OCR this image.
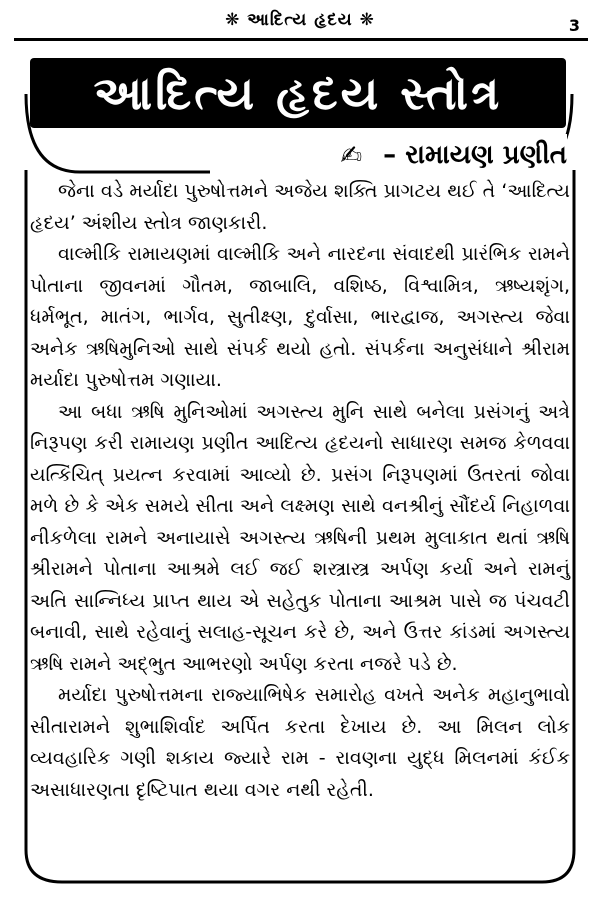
❋ આદિત્ય હૃદય ❋	3
આદિત્ય હૃદય સ્તોત્ર
✍ – રામાયણ પ્રણીત

જેના વડે મર્યાદા પુરુષોત્તમને અજેય શક્તિ પ્રાગટય થઈ તે ‘આદિત્ય હૃદય’ અંશીય સ્તોત્ર જાણકારી.

વાલ્મીકિ રામાયણમાં વાલ્મીકિ અને નારદના સંવાદથી પ્રારંભિક રામને પોતાના જીવનમાં ગૌતમ, જાબાલિ, વશિષ્ઠ, વિશ્વામિત્ર, ઋષ્યશૃંગ, ધર્મભૂત, માતંગ, ભાર્ગવ, સુતીક્ષ્ણ, દુર્વાસા, ભારદ્વાજ, અગસ્ત્ય જેવા અનેક ઋષિમુનિઓ સાથે સંપર્ક થયો હતો. સંપર્કના અનુસંધાને શ્રીરામ મર્યાદા પુરુષોત્તમ ગણાયા.

આ બધા ઋષિ મુનિઓમાં અગસ્ત્ય મુનિ સાથે બનેલા પ્રસંગનું અત્રે નિરૂપણ કરી રામાયણ પ્રણીત આદિત્ય હૃદયનો સાધારણ સમજ કેળવવા યત્કિંચિત્ પ્રયત્ન કરવામાં આવ્યો છે. પ્રસંગ નિરૂપણમાં ઉતરતાં જોવા મળે છે કે એક સમયે સીતા અને લક્ષ્મણ સાથે વનશ્રીનું સૌંદર્ય નિહાળવા નીકળેલા રામને અનાયાસે અગસ્ત્ય ઋષિની પ્રથમ મુલાકાત થતાં ઋષિ શ્રીરામને પોતાના આશ્રમે લઈ જઈ શસ્ત્રાસ્ત્ર અર્પણ કર્યા અને રામનું અતિ સાન્નિધ્ય પ્રાપ્ત થાય એ સહેતુક પોતાના આશ્રમ પાસે જ પંચવટી બનાવી, સાથે રહેવાનું સલાહ-સૂચન કરે છે, અને ઉત્તર કાંડમાં અગસ્ત્ય ઋષિ રામને અદ્‌ભુત આભરણો અર્પણ કરતા નજરે પડે છે.

મર્યાદા પુરુષોત્તમના રાજ્યાભિષેક સમારોહ વખતે અનેક મહાનુભાવો સીતારામને શુભાશિર્વાદ અર્પિત કરતા દેખાય છે. આ મિલન લોક વ્યવહારિક ગણી શકાય જ્યારે રામ - રાવણના યુદ્ધ મિલનમાં કંઈક અસાધારણતા દૃષ્ટિપાત થયા વગર નથી રહેતી.
